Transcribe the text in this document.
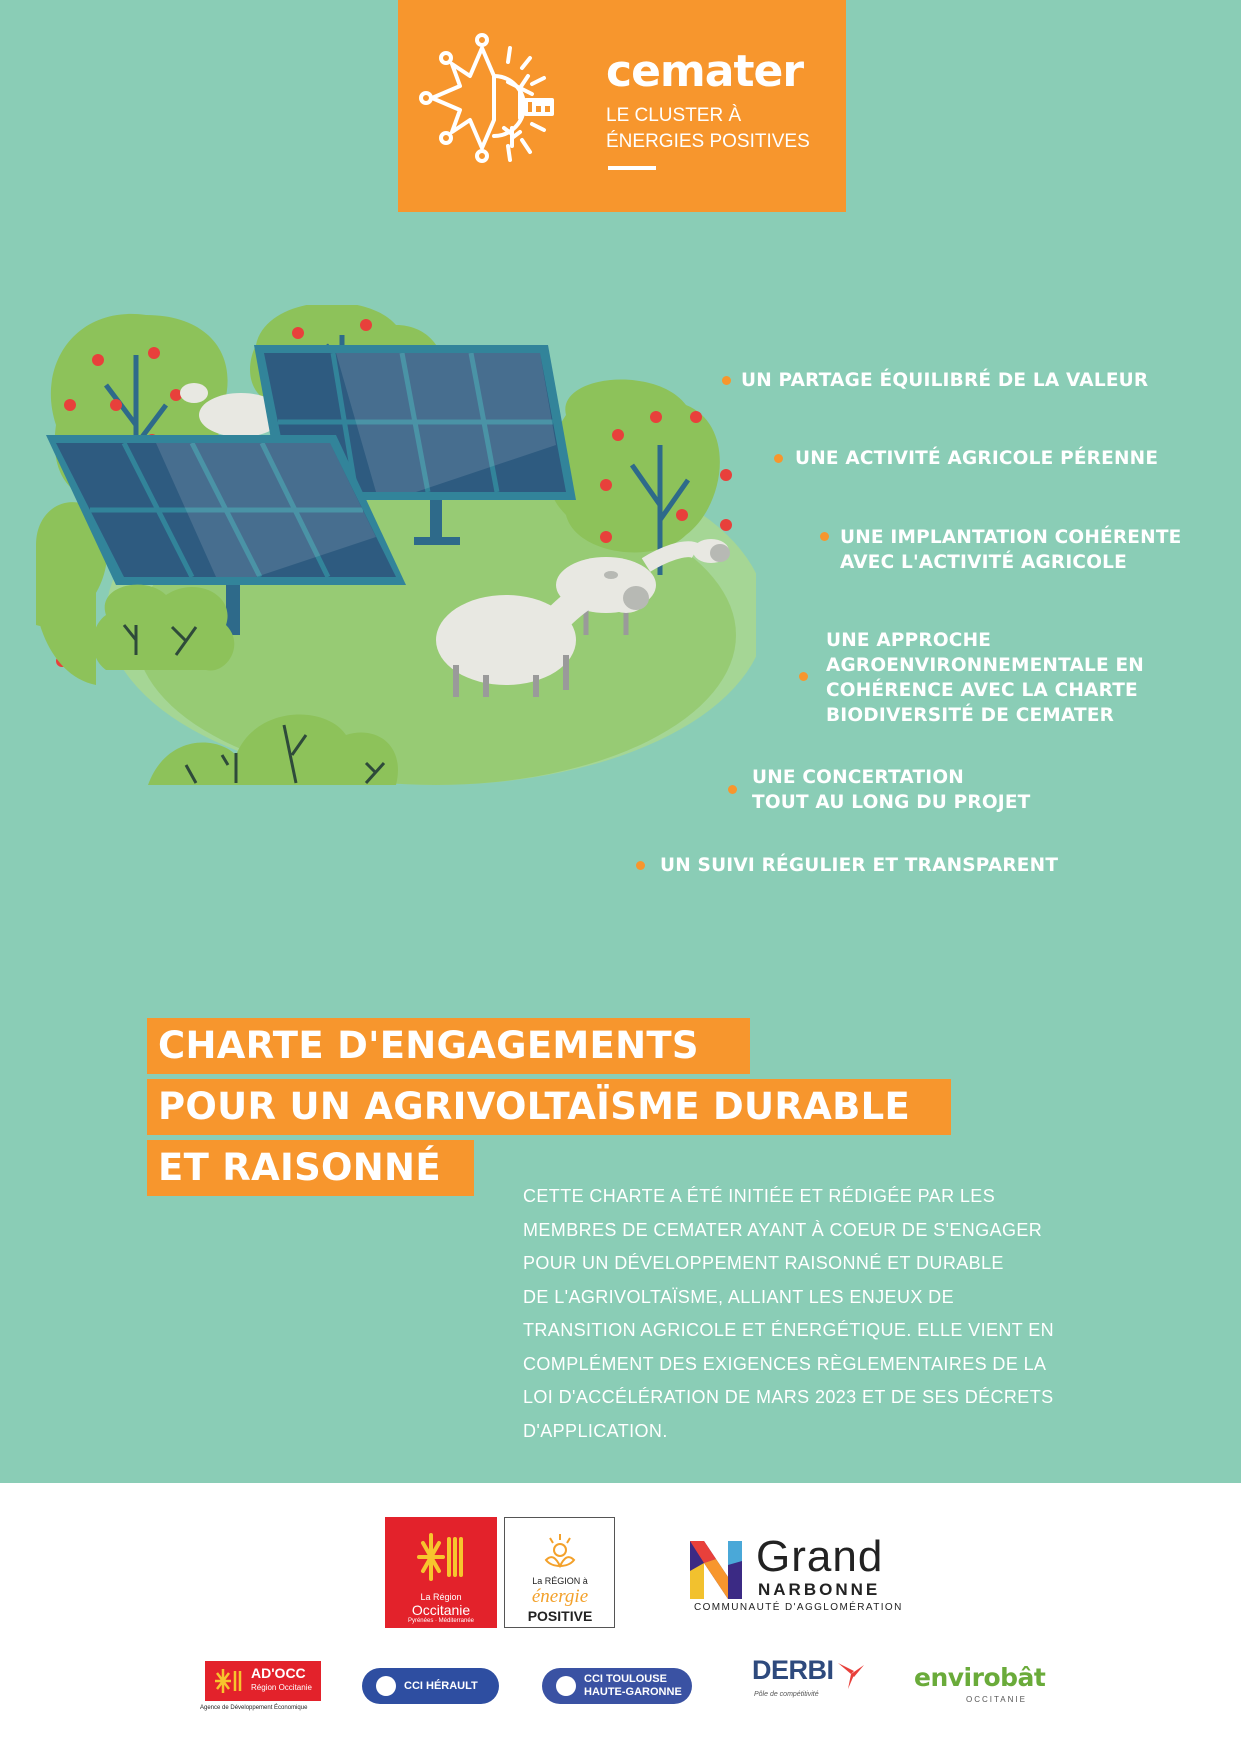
cemater
LE CLUSTER À
ÉNERGIES POSITIVES
UN PARTAGE ÉQUILIBRÉ DE LA VALEUR
UNE ACTIVITÉ AGRICOLE PÉRENNE
UNE IMPLANTATION COHÉRENTE
AVEC L'ACTIVITÉ AGRICOLE
UNE APPROCHE
AGROENVIRONNEMENTALE EN
COHÉRENCE AVEC LA CHARTE
BIODIVERSITÉ DE CEMATER
UNE CONCERTATION
TOUT AU LONG DU PROJET
UN SUIVI RÉGULIER ET TRANSPARENT
CHARTE D'ENGAGEMENTS
POUR UN AGRIVOLTAÏSME DURABLE
ET RAISONNÉ
CETTE CHARTE A ÉTÉ INITIÉE ET RÉDIGÉE PAR LES
MEMBRES DE CEMATER AYANT À COEUR DE S'ENGAGER
POUR UN DÉVELOPPEMENT RAISONNÉ ET DURABLE
DE L'AGRIVOLTAÏSME, ALLIANT LES ENJEUX DE
TRANSITION AGRICOLE ET ÉNERGÉTIQUE. ELLE VIENT EN
COMPLÉMENT DES EXIGENCES RÈGLEMENTAIRES DE LA
LOI D'ACCÉLÉRATION DE MARS 2023 ET DE SES DÉCRETS
D'APPLICATION.
La Région
Occitanie
Pyrénées · Méditerranée
La RÉGION à
énergie
POSITIVE
Grand
NARBONNE
COMMUNAUTÉ D'AGGLOMÉRATION
AD'OCC
Région Occitanie
Agence de Développement Économique
CCI HÉRAULT
CCI TOULOUSE
HAUTE-GARONNE
DERBI
Pôle de compétitivité
envirobât
OCCITANIE
